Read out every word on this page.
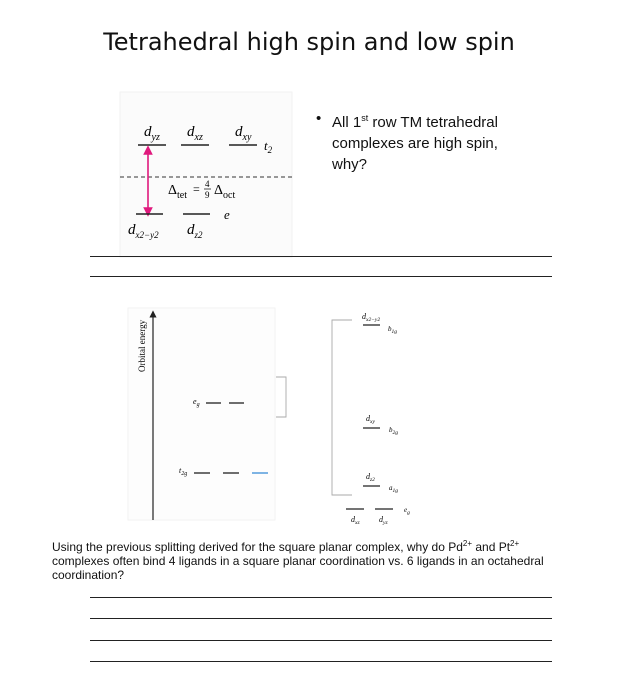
Tetrahedral high spin and low spin
$d_{yz}$ $d_{xz}$ $d_{xy}$
$t_2$
$\Delta_{tet} = 4$
9 $\Delta_{oct}$
e
$d_{x2-y2}$ $d_{z2}$
Orbital energy
$e_g$
$t_{2g}$
$d_{x2-y2}$
$b_{1g}$
$d_{xy}$
$b_{2g}$
$d_{z2}$
$a_{1g}$
$e_g$
$d_{xz}$ $d_{yz}$
• All 1st row TM tetrahedral
complexes are high spin,
why?
Using the previous splitting derived for the square planar complex, why do $Pd^{2+}$ and $Pt^{2+}$ complexes often bind 4 ligands in a square planar coordination vs. 6 ligands in an octahedral coordination?
